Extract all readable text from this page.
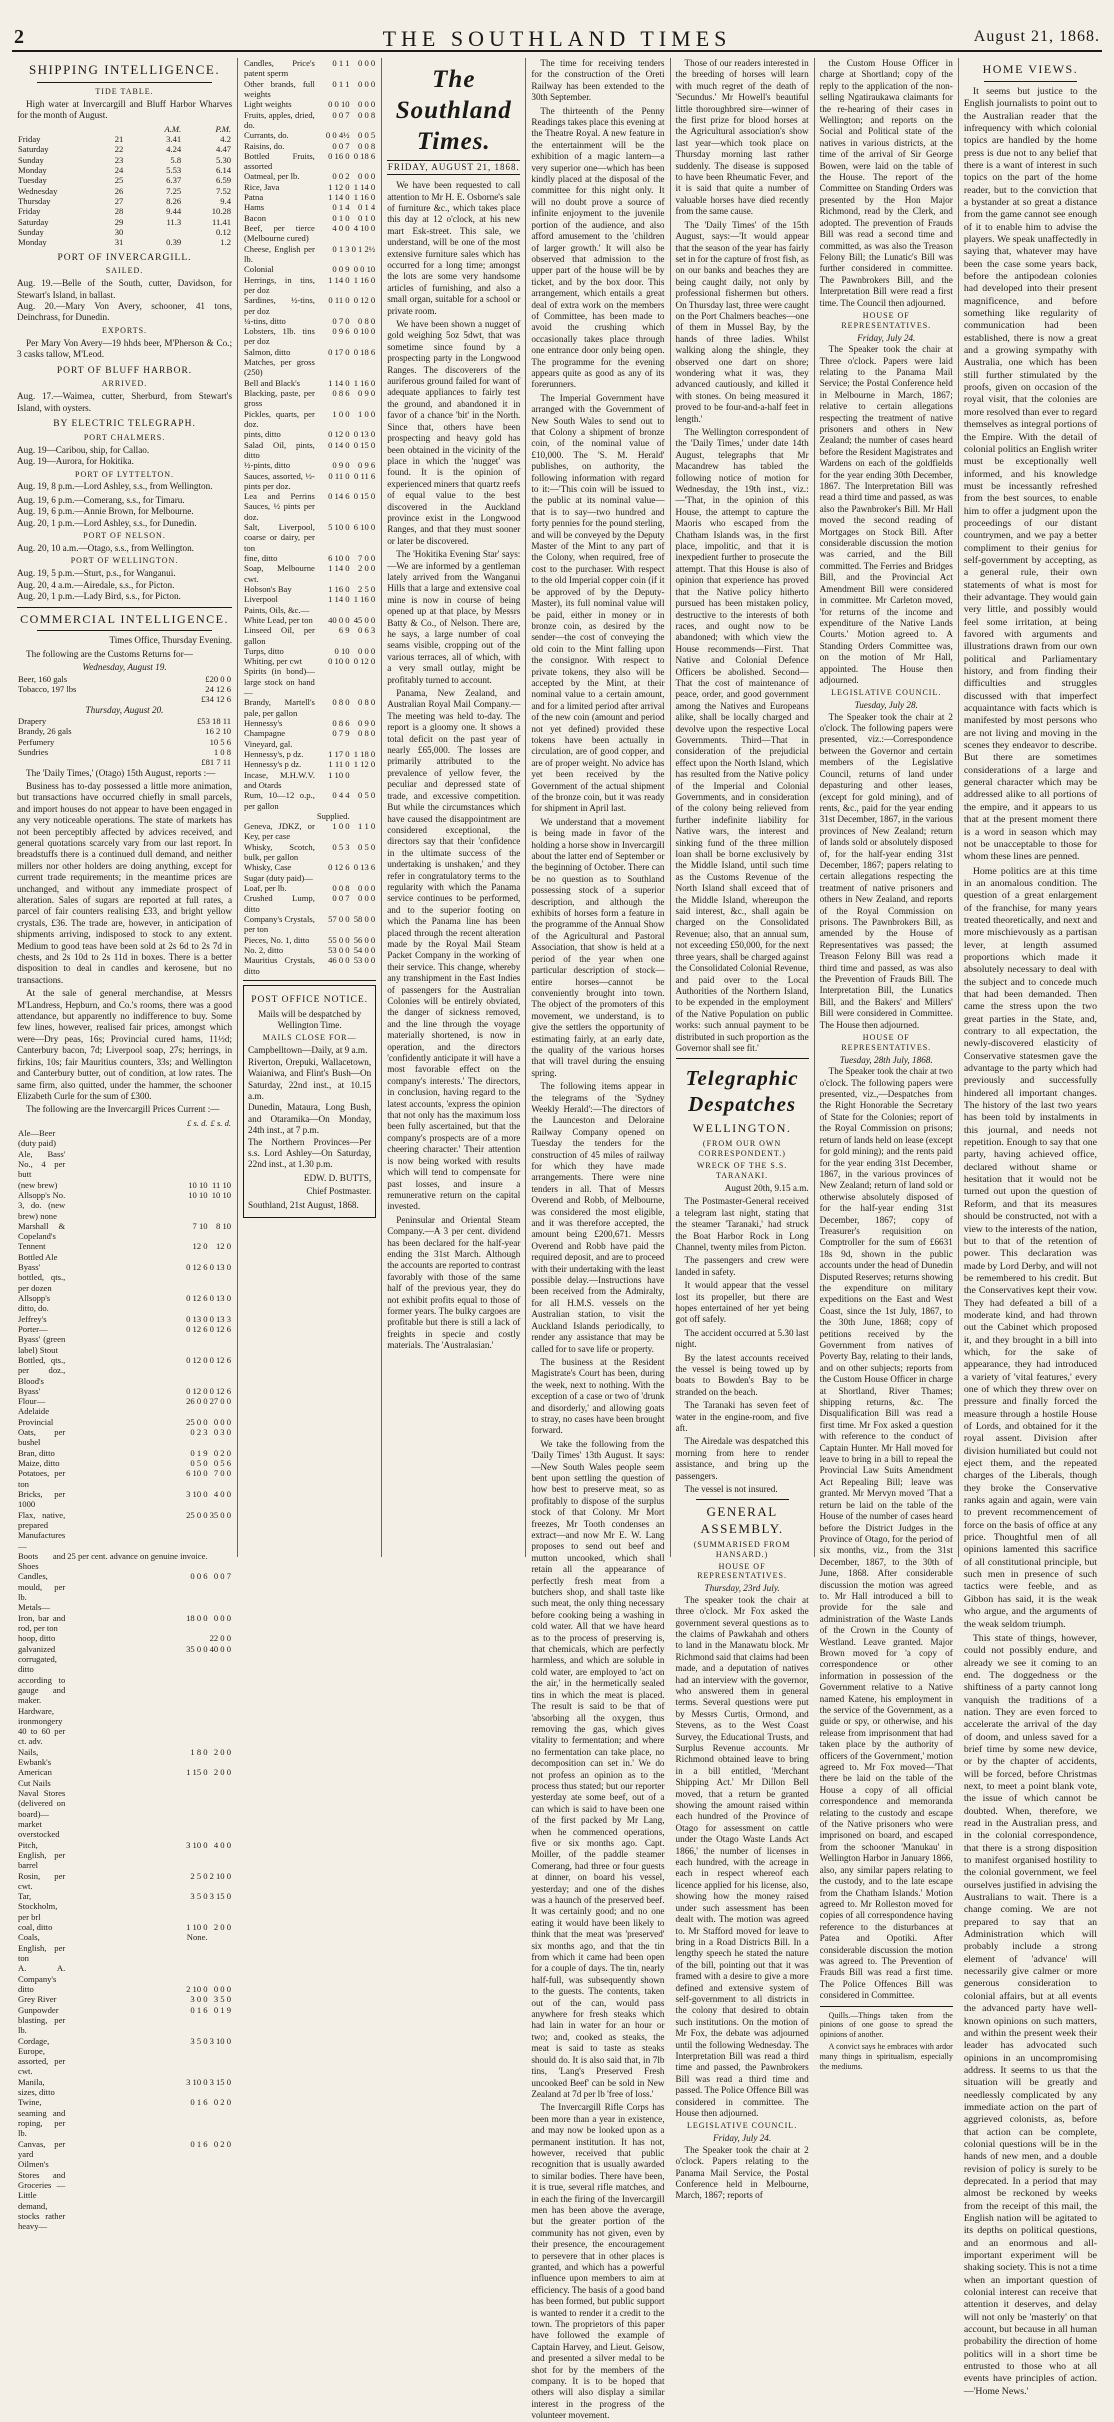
2	THE SOUTHLAND TIMES	August 21, 1868.
SHIPPING INTELLIGENCE.
TIDE TABLE.

High water at Invercargill and Bluff Harbor Wharves for the month of August.

		A.M.	P.M.
Friday	21	3.41	4.2
Saturday	22	4.24	4.47
Sunday	23	5.8	5.30
Monday	24	5.53	6.14
Tuesday	25	6.37	6.59
Wednesday	26	7.25	7.52
Thursday	27	8.26	9.4
Friday	28	9.44	10.28
Saturday	29	11.3	11.41
Sunday	30		0.12
Monday	31	0.39	1.2
PORT OF INVERCARGILL.
SAILED.

Aug. 19.—Belle of the South, cutter, Davidson, for Stewart's Island, in ballast.
Aug. 20.—Mary Von Avery, schooner, 41 tons, Deinchrass, for Dunedin.

EXPORTS.

Per Mary Von Avery—19 hhds beer, M'Pherson & Co.; 3 casks tallow, M'Leod.

PORT OF BLUFF HARBOR.
ARRIVED.

Aug. 17.—Waimea, cutter, Sherburd, from Stewart's Island, with oysters.

BY ELECTRIC TELEGRAPH.
PORT CHALMERS.

Aug. 19—Caribou, ship, for Callao.
Aug. 19—Aurora, for Hokitika.

PORT OF LYTTELTON.

Aug. 19, 8 p.m.—Lord Ashley, s.s., from Wellington.

Aug. 19, 6 p.m.—Comerang, s.s., for Timaru.
Aug. 19, 6 p.m.—Annie Brown, for Melbourne.
Aug. 20, 1 p.m.—Lord Ashley, s.s., for Dunedin.

PORT OF NELSON.

Aug. 20, 10 a.m.—Otago, s.s., from Wellington.

PORT OF WELLINGTON.

Aug. 19, 5 p.m.—Sturt, p.s., for Wanganui.
Aug. 20, 4 a.m.—Airedale, s.s., for Picton.
Aug. 20, 1 p.m.—Lady Bird, s.s., for Picton.

COMMERCIAL INTELLIGENCE.

Times Office, Thursday Evening.

The following are the Customs Returns for—

Wednesday, August 19.
Beer, 160 gals	£20 0 0
Tobacco, 197 lbs	24 12 6
	£34 12 6
Thursday, August 20.
Drapery	£53 18 11
Brandy, 26 gals	16 2 10
Perfumery	10 5 6
Sundries	1 0 8
	£81 7 11

The 'Daily Times,' (Otago) 15th August, reports :—

Business has to-day possessed a little more animation, but transactions have occurred chiefly in small parcels, and import houses do not appear to have been engaged in any very noticeable operations. The state of markets has not been perceptibly affected by advices received, and general quotations scarcely vary from our last report. In breadstuffs there is a continued dull demand, and neither millers nor other holders are doing anything, except for current trade requirements; in the meantime prices are unchanged, and without any immediate prospect of alteration. Sales of sugars are reported at full rates, a parcel of fair counters realising £33, and bright yellow crystals, £36. The trade are, however, in anticipation of shipments arriving, indisposed to stock to any extent. Medium to good teas have been sold at 2s 6d to 2s 7d in chests, and 2s 10d to 2s 11d in boxes. There is a better disposition to deal in candles and kerosene, but no transactions.

At the sale of general merchandise, at Messrs M'Landress, Hepburn, and Co.'s rooms, there was a good attendance, but apparently no indifference to buy. Some few lines, however, realised fair prices, amongst which were—Dry peas, 16s; Provincial cured hams, 11½d; Canterbury bacon, 7d; Liverpool soap, 27s; herrings, in firkins, 10s; fair Mauritius counters, 33s; and Wellington and Canterbury butter, out of condition, at low rates. The same firm, also quitted, under the hammer, the schooner Elizabeth Curle for the sum of £300.

The following are the Invercargill Prices Current :—

	£ s. d.	£ s. d.
Ale—Beer (duty paid)		
Ale, Bass' No., 4 per butt		
(new brew)	10 10	11 10
Allsopp's No. 3, do. (new brew) none	10 10	10 10
Marshall & Copeland's	7 10	8 10
Tennent Bottled Ale	12 0	12 0
Byass' bottled, qts., per dozen	0 12 6	0 13 0
Allsopp's ditto, do.	0 12 6	0 13 0
Jeffrey's	0 13 0	0 13 3
Porter—Byass' (green label) Stout	0 12 6	0 12 6
Bottled, qts., per doz., Blood's	0 12 0	0 12 6
Byass'	0 12 0	0 12 6
Flour—Adelaide	26 0 0	27 0 0
Provincial	25 0 0	0 0 0
Oats, per bushel	0 2 3	0 3 0
Bran, ditto	0 1 9	0 2 0
Maize, ditto	0 5 0	0 5 6
Potatoes, per ton	6 10 0	7 0 0
Bricks, per 1000	3 10 0	4 0 0
Flax, native, prepared	25 0 0	35 0 0
Manufactures—		
Boots and Shoes	25 per cent. advance on genuine invoice.	
Candles, mould, per lb.	0 0 6	0 0 7
Metals—		
Iron, bar and rod, per ton	18 0 0	0 0 0
hoop, ditto		22 0 0
galvanized corrugated, ditto	35 0 0	40 0 0
according to gauge and maker.		
Hardware, ironmongery 40 to 60 per ct. adv.		
Nails, Ewbank's	1 8 0	2 0 0
American Cut Nails	1 15 0	2 0 0
Naval Stores (delivered on board)—market overstocked		
Pitch, English, per barrel	3 10 0	4 0 0
Rosin, per cwt.	2 5 0	2 10 0
Tar, Stockholm, per brl	3 5 0	3 15 0
coal, ditto	1 10 0	2 0 0
Coals, English, per ton	None.	
A. A. Company's		
ditto	2 10 0	0 0 0
Grey River	3 0 0	3 5 0
Gunpowder blasting, per lb.	0 1 6	0 1 9
Cordage, Europe, assorted, per cwt.	3 5 0	3 10 0
Manila, sizes, ditto	3 10 0	3 15 0
Twine, seaming and roping, per lb.	0 1 6	0 2 0
Canvas, per yard	0 1 6	0 2 0
Oilmen's Stores and Groceries — Little demand, stocks rather heavy—		
Candles, Price's patent sperm	0 1 1	0 0 0
Other brands, full weights	0 1 1	0 0 0
Light weights	0 0 10	0 0 0
Fruits, apples, dried, do.	0 0 7	0 0 8
Currants, do.	0 0 4½	0 0 5
Raisins, do.	0 0 7	0 0 8
Bottled Fruits, assorted	0 16 0	0 18 6
Oatmeal, per lb.	0 0 2	0 0 0
Rice, Java	1 12 0	1 14 0
Patna	1 14 0	1 16 0
Hams	0 1 4	0 1 4
Bacon	0 1 0	0 1 0
Beef, per tierce (Melbourne cured)	4 0 0	4 10 0
Cheese, English per lb.	0 1 3	0 1 2½
Colonial	0 0 9	0 0 10
Herrings, in tins, per doz	1 14 0	1 16 0
Sardines, ½-tins, per doz	0 11 0	0 12 0
¼-tins, ditto	0 7 0	0 8 0
Lobsters, 1lb. tins per doz	0 9 6	0 10 0
Salmon, ditto	0 17 0	0 18 6
Matches, per gross (250)		
Bell and Black's	1 14 0	1 16 0
Blacking, paste, per gross	0 8 6	0 9 0
Pickles, quarts, per doz.	1 0 0	1 0 0
pints, ditto	0 12 0	0 13 0
Salad Oil, pints, ditto	0 14 0	0 15 0
½-pints, ditto	0 9 0	0 9 6
Sauces, assorted, ½-pints per doz.	0 11 0	0 11 6
Lea and Perrins Sauces, ½ pints per doz.	0 14 6	0 15 0
Salt, Liverpool, coarse or dairy, per ton	5 10 0	6 10 0
fine, ditto	6 10 0	7 0 0
Soap, Melbourne cwt.	1 14 0	2 0 0
Hobson's Bay	1 16 0	2 5 0
Liverpool	1 14 0	1 16 0
Paints, Oils, &c.—		
White Lead, per ton	40 0 0	45 0 0
Linseed Oil, per gallon	6 9	0 6 3
Turps, ditto	0 10	0 0 0
Whiting, per cwt	0 10 0	0 12 0
Spirits (in bond)—large stock on hand—		
Brandy, Martell's pale, per gallon	0 8 0	0 8 0
Hennessy's	0 8 6	0 9 0
Champagne Vineyard, gal.	0 7 9	0 8 0
Hennessy's, p dz.	1 17 0	1 18 0
Hennessy's p dz.	1 11 0	1 12 0
Incase, M.H.W.V. and Otards	1 10 0	
Rum, 10—12 o.p., per gallon	0 4 4	0 5 0
	Supplied.	
Geneva, JDKZ, or Key, per case	1 0 0	1 1 0
Whisky, Scotch, bulk, per gallon	0 5 3	0 5 0
Whisky, Case	0 12 6	0 13 6
Sugar (duty paid)—		
Loaf, per lb.	0 0 8	0 0 0
Crushed Lump, ditto	0 0 7	0 0 0
Company's Crystals, per ton	57 0 0	58 0 0
Pieces, No. 1, ditto	55 0 0	56 0 0
No. 2, ditto	53 0 0	54 0 0
Mauritius Crystals, ditto	46 0 0	53 0 0
POST OFFICE NOTICE.

Mails will be despatched by Wellington Time.

MAILS CLOSE FOR—

Campbelltown—Daily, at 9 a.m.
Riverton, Orepuki, Wallacetown, Waianiwa, and Flint's Bush—On Saturday, 22nd inst., at 10.15 a.m.
Dunedin, Mataura, Long Bush, and Otaramika—On Monday, 24th inst., at 7 p.m.
The Northern Provinces—Per s.s. Lord Ashley—On Saturday, 22nd inst., at 1.30 p.m.

EDW. D. BUTTS,

Chief Postmaster.

Southland, 21st August, 1868.

The Southland Times.
FRIDAY, AUGUST 21, 1868.

We have been requested to call attention to Mr H. E. Osborne's sale of furniture &c., which takes place this day at 12 o'clock, at his new mart Esk-street. This sale, we understand, will be one of the most extensive furniture sales which has occurred for a long time; amongst the lots are some very handsome articles of furnishing, and also a small organ, suitable for a school or private room.

We have been shown a nugget of gold weighing 5oz 5dwt, that was sometime since found by a prospecting party in the Longwood Ranges. The discoverers of the auriferous ground failed for want of adequate appliances to fairly test the ground, and abandoned it in favor of a chance 'bit' in the North. Since that, others have been prospecting and heavy gold has been obtained in the vicinity of the place in which the 'nugget' was found. It is the opinion of experienced miners that quartz reefs of equal value to the best discovered in the Auckland province exist in the Longwood Ranges, and that they must sooner or later be discovered.

The 'Hokitika Evening Star' says:—We are informed by a gentleman lately arrived from the Wanganui Hills that a large and extensive coal mine is now in course of being opened up at that place, by Messrs Batty & Co., of Nelson. There are, he says, a large number of coal seams visible, cropping out of the various terraces, all of which, with a very small outlay, might be profitably turned to account.

Panama, New Zealand, and Australian Royal Mail Company.—The meeting was held to-day. The report is a gloomy one. It shows a total deficit on the past year of nearly £65,000. The losses are primarily attributed to the prevalence of yellow fever, the peculiar and depressed state of trade, and excessive competition. But while the circumstances which have caused the disappointment are considered exceptional, the directors say that their 'confidence in the ultimate success of the undertaking is unshaken,' and they refer in congratulatory terms to the regularity with which the Panama service continues to be performed, and to the superior footing on which the Panama line has been placed through the recent alteration made by the Royal Mail Steam Packet Company in the working of their service. This change, whereby any transhipment in the East Indies of passengers for the Australian Colonies will be entirely obviated, the danger of sickness removed, and the line through the voyage materially shortened, is now in operation, and the directors 'confidently anticipate it will have a most favorable effect on the company's interests.' The directors, in conclusion, having regard to the latest accounts, 'express the opinion that not only has the maximum loss been fully ascertained, but that the company's prospects are of a more cheering character.' Their attention is now being worked with results which will tend to compensate for past losses, and insure a remunerative return on the capital invested.

Peninsular and Oriental Steam Company.—A 3 per cent. dividend has been declared for the half-year ending the 31st March. Although the accounts are reported to contrast favorably with those of the same half of the previous year, they do not exhibit profits equal to those of former years. The bulky cargoes are profitable but there is still a lack of freights in specie and costly materials. The 'Australasian.'

The time for receiving tenders for the construction of the Oreti Railway has been extended to the 30th September.

The thirteenth of the Penny Readings takes place this evening at the Theatre Royal. A new feature in the entertainment will be the exhibition of a magic lantern—a very superior one—which has been kindly placed at the disposal of the committee for this night only. It will no doubt prove a source of infinite enjoyment to the juvenile portion of the audience, and also afford amusement to the 'children of larger growth.' It will also be observed that admission to the upper part of the house will be by ticket, and by the box door. This arrangement, which entails a great deal of extra work on the members of Committee, has been made to avoid the crushing which occasionally takes place through one entrance door only being open. The programme for the evening appears quite as good as any of its forerunners.

The Imperial Government have arranged with the Government of New South Wales to send out to that Colony a shipment of bronze coin, of the nominal value of £10,000. The 'S. M. Herald' publishes, on authority, the following information with regard to it:—'This coin will be issued to the public at its nominal value—that is to say—two hundred and forty pennies for the pound sterling, and will be conveyed by the Deputy Master of the Mint to any part of the Colony, when required, free of cost to the purchaser. With respect to the old Imperial copper coin (if it be approved of by the Deputy-Master), its full nominal value will be paid, either in money or in bronze coin, as desired by the sender—the cost of conveying the old coin to the Mint falling upon the consignor. With respect to private tokens, they also will be accepted by the Mint, at their nominal value to a certain amount, and for a limited period after arrival of the new coin (amount and period not yet defined) provided these tokens have been actually in circulation, are of good copper, and are of proper weight. No advice has yet been received by the Government of the actual shipment of the bronze coin, but it was ready for shipment in April last.

We understand that a movement is being made in favor of the holding a horse show in Invercargill about the latter end of September or the beginning of October. There can be no question as to Southland possessing stock of a superior description, and although the exhibits of horses form a feature in the programme of the Annual Show of the Agricultural and Pastoral Association, that show is held at a period of the year when one particular description of stock—entire horses—cannot be conveniently brought into town. The object of the promoters of this movement, we understand, is to give the settlers the opportunity of estimating fairly, at an early date, the quality of the various horses that will travel during the ensuing spring.

The following items appear in the telegrams of the 'Sydney Weekly Herald':—The directors of the Launceston and Deloraine Railway Company opened on Tuesday the tenders for the construction of 45 miles of railway for which they have made arrangements. There were nine tenders in all. That of Messrs Overend and Robb, of Melbourne, was considered the most eligible, and it was therefore accepted, the amount being £200,671. Messrs Overend and Robb have paid the required deposit, and are to proceed with their undertaking with the least possible delay.—Instructions have been received from the Admiralty, for all H.M.S. vessels on the Australian station, to visit the Auckland Islands periodically, to render any assistance that may be called for to save life or property.

The business at the Resident Magistrate's Court has been, during the week, next to nothing. With the exception of a case or two of 'drunk and disorderly,' and allowing goats to stray, no cases have been brought forward.

We take the following from the 'Daily Times' 13th August. It says:—New South Wales people seem bent upon settling the question of how best to preserve meat, so as profitably to dispose of the surplus stock of that Colony. Mr Mort freezes, Mr Tooth condenses an extract—and now Mr E. W. Lang proposes to send out beef and mutton uncooked, which shall retain all the appearance of perfectly fresh meat from a butchers shop, and shall taste like such meat, the only thing necessary before cooking being a washing in cold water. All that we have heard as to the process of preserving is, that chemicals, which are perfectly harmless, and which are soluble in cold water, are employed to 'act on the air,' in the hermetically sealed tins in which the meat is placed. The result is said to be that of 'absorbing all the oxygen, thus removing the gas, which gives vitality to fermentation; and where no fermentation can take place, no decomposition can set in.' We do not profess an opinion as to the process thus stated; but our reporter yesterday ate some beef, out of a can which is said to have been one of the first packed by Mr Lang, when he commenced operations, five or six months ago. Capt. Moiller, of the paddle steamer Comerang, had three or four guests at dinner, on board his vessel, yesterday; and one of the dishes was a haunch of the preserved beef. It was certainly good; and no one eating it would have been likely to think that the meat was 'preserved' six months ago, and that the tin from which it came had been open for a couple of days. The tin, nearly half-full, was subsequently shown to the guests. The contents, taken out of the can, would pass anywhere for fresh steaks which had lain in water for an hour or two; and, cooked as steaks, the meat is said to taste as steaks should do. It is also said that, in 7lb tins, 'Lang's Preserved Fresh uncooked Beef' can be sold in New Zealand at 7d per lb 'free of loss.'

The Invercargill Rifle Corps has been more than a year in existence, and may now be looked upon as a permanent institution. It has not, however, received that public recognition that is usually awarded to similar bodies. There have been, it is true, several rifle matches, and in each the firing of the Invercargill men has been above the average, but the greater portion of the community has not given, even by their presence, the encouragement to persevere that in other places is granted, and which has a powerful influence upon members to aim at efficiency. The basis of a good band has been formed, but public support is wanted to render it a credit to the town. The proprietors of this paper have followed the example of Captain Harvey, and Lieut. Geisow, and presented a silver medal to be shot for by the members of the company. It is to be hoped that others will also display a similar interest in the progress of the volunteer movement.

Those of our readers interested in the breeding of horses will learn with much regret of the death of 'Secundus.' Mr Howell's beautiful little thoroughbred sire—winner of the first prize for blood horses at the Agricultural association's show last year—which took place on Thursday morning last rather suddenly. The disease is supposed to have been Rheumatic Fever, and it is said that quite a number of valuable horses have died recently from the same cause.

The 'Daily Times' of the 15th August, says:—'It would appear that the season of the year has fairly set in for the capture of frost fish, as on our banks and beaches they are being caught daily, not only by professional fishermen but others. On Thursday last, three were caught on the Port Chalmers beaches—one of them in Mussel Bay, by the hands of three ladies. Whilst walking along the shingle, they observed one dart on shore; wondering what it was, they advanced cautiously, and killed it with stones. On being measured it proved to be four-and-a-half feet in length.'

The Wellington correspondent of the 'Daily Times,' under date 14th August, telegraphs that Mr Macandrew has tabled the following notice of motion for Wednesday, the 19th inst., viz.:—'That, in the opinion of this House, the attempt to capture the Maoris who escaped from the Chatham Islands was, in the first place, impolitic, and that it is inexpedient further to prosecute the attempt. That this House is also of opinion that experience has proved that the Native policy hitherto pursued has been mistaken policy, destructive to the interests of both races, and ought now to be abandoned; with which view the House recommends—First. That Native and Colonial Defence Officers be abolished. Second—That the cost of maintenance of peace, order, and good government among the Natives and Europeans alike, shall be locally charged and devolve upon the respective Local Governments. Third—That in consideration of the prejudicial effect upon the North Island, which has resulted from the Native policy of the Imperial and Colonial Governments, and in consideration of the colony being relieved from further indefinite liability for Native wars, the interest and sinking fund of the three million loan shall be borne exclusively by the Middle Island, until such time as the Customs Revenue of the North Island shall exceed that of the Middle Island, whereupon the said interest, &c., shall again be charged on the Consolidated Revenue; also, that an annual sum, not exceeding £50,000, for the next three years, shall be charged against the Consolidated Colonial Revenue, and paid over to the Local Authorities of the Northern Island, to be expended in the employment of the Native Population on public works: such annual payment to be distributed in such proportion as the Governor shall see fit.'

Telegraphic Despatches
WELLINGTON.
(FROM OUR OWN CORRESPONDENT.)
WRECK OF THE S.S. TARANAKI.

August 20th, 9.15 a.m.

The Postmaster-General received a telegram last night, stating that the steamer 'Taranaki,' had struck the Boat Harbor Rock in Long Channel, twenty miles from Picton.

The passengers and crew were landed in safety.

It would appear that the vessel lost its propeller, but there are hopes entertained of her yet being got off safely.

The accident occurred at 5.30 last night.

By the latest accounts received the vessel is being towed up by boats to Bowden's Bay to be stranded on the beach.

The Taranaki has seven feet of water in the engine-room, and five aft.

The Airedale was despatched this morning from here to render assistance, and bring up the passengers.

The vessel is not insured.

GENERAL ASSEMBLY.
(SUMMARISED FROM HANSARD.)
HOUSE OF REPRESENTATIVES.
Thursday, 23rd July.

The speaker took the chair at three o'clock. Mr Fox asked the government several questions as to the claims of Pawkahah and others to land in the Manawatu block. Mr Richmond said that claims had been made, and a deputation of natives had an interview with the governor, who answered them in general terms. Several questions were put by Messrs Curtis, Ormond, and Stevens, as to the West Coast Survey, the Educational Trusts, and Surplus Revenue accounts. Mr Richmond obtained leave to bring in a bill entitled, 'Merchant Shipping Act.' Mr Dillon Bell moved, that a return be granted showing the amount raised within each hundred of the Province of Otago for assessment on cattle under the Otago Waste Lands Act 1866,' the number of licenses in each hundred, with the acreage in each in respect whereof each licence applied for his license, also, showing how the money raised under such assessment has been dealt with. The motion was agreed to. Mr Stafford moved for leave to bring in a Road Districts Bill. In a lengthy speech he stated the nature of the bill, pointing out that it was framed with a desire to give a more defined and extensive system of self-government to all districts in the colony that desired to obtain such institutions. On the motion of Mr Fox, the debate was adjourned until the following Wednesday. The Interpretation Bill was read a third time and passed, the Pawnbrokers Bill was read a third time and passed. The Police Offence Bill was considered in committee. The House then adjourned.

LEGISLATIVE COUNCIL.
Friday, July 24.

The Speaker took the chair at 2 o'clock. Papers relating to the Panama Mail Service, the Postal Conference held in Melbourne, March, 1867; reports of

the Custom House Officer in charge at Shortland; copy of the reply to the application of the non-selling Ngatiraukawa claimants for the re-hearing of their cases in Wellington; and reports on the Social and Political state of the natives in various districts, at the time of the arrival of Sir George Bowen, were laid on the table of the House. The report of the Committee on Standing Orders was presented by the Hon Major Richmond, read by the Clerk, and adopted. The prevention of Frauds Bill was read a second time and committed, as was also the Treason Felony Bill; the Lunatic's Bill was further considered in committee. The Pawnbrokers Bill, and the Interpretation Bill were read a first time. The Council then adjourned.

HOUSE OF REPRESENTATIVES.
Friday, July 24.

The Speaker took the chair at Three o'clock. Papers were laid relating to the Panama Mail Service; the Postal Conference held in Melbourne in March, 1867; relative to certain allegations respecting the treatment of native prisoners and others in New Zealand; the number of cases heard before the Resident Magistrates and Wardens on each of the goldfields for the year ending 30th December, 1867. The Interpretation Bill was read a third time and passed, as was also the Pawnbroker's Bill. Mr Hall moved the second reading of Mortgages on Stock Bill. After considerable discussion the motion was carried, and the Bill committed. The Ferries and Bridges Bill, and the Provincial Act Amendment Bill were considered in committee. Mr Carleton moved, 'for returns of the income and expenditure of the Native Lands Courts.' Motion agreed to. A Standing Orders Committee was, on the motion of Mr Hall, appointed. The House then adjourned.

LEGISLATIVE COUNCIL.
Tuesday, July 28.

The Speaker took the chair at 2 o'clock. The following papers were presented, viz.:—Correspondence between the Governor and certain members of the Legislative Council, returns of land under depasturing and other leases, (except for gold mining), and of rents, &c., paid for the year ending 31st December, 1867, in the various provinces of New Zealand; return of lands sold or absolutely disposed of, for the half-year ending 31st December, 1867; papers relating to certain allegations respecting the treatment of native prisoners and others in New Zealand, and reports of the Royal Commission on prisons. The Pawnbrokers Bill, as amended by the House of Representatives was passed; the Treason Felony Bill was read a third time and passed, as was also the Prevention of Frauds Bill. The Interpretation Bill, the Lunatics Bill, and the Bakers' and Millers' Bill were considered in Committee. The House then adjourned.

HOUSE OF REPRESENTATIVES.
Tuesday, 28th July, 1868.

The Speaker took the chair at two o'clock. The following papers were presented, viz.,—Despatches from the Right Honorable the Secretary of State for the Colonies; report of the Royal Commission on prisons; return of lands held on lease (except for gold mining); and the rents paid for the year ending 31st December, 1867, in the various provinces of New Zealand; return of land sold or otherwise absolutely disposed of for the half-year ending 31st December, 1867; copy of Treasurer's requisition on Comptroller for the sum of £6631 18s 9d, shown in the public accounts under the head of Dunedin Disputed Reserves; returns showing the expenditure on military expeditions on the East and West Coast, since the 1st July, 1867, to the 30th June, 1868; copy of petitions received by the Government from natives of Poverty Bay, relating to their lands, and on other subjects; reports from the Custom House Officer in charge at Shortland, River Thames; shipping returns, &c. The Disqualification Bill was read a first time. Mr Fox asked a question with reference to the conduct of Captain Hunter. Mr Hall moved for leave to bring in a bill to repeal the Provincial Law Suits Amendment Act Repealing Bill; leave was granted. Mr Mervyn moved 'That a return be laid on the table of the House of the number of cases heard before the District Judges in the Province of Otago, for the period of six months, viz., from the 31st December, 1867, to the 30th of June, 1868. After considerable discussion the motion was agreed to. Mr Hall introduced a bill to provide for the sale and administration of the Waste Lands of the Crown in the County of Westland. Leave granted. Major Brown moved for 'a copy of correspondence or other information in possession of the Government relative to a Native named Katene, his employment in the service of the Government, as a guide or spy, or otherwise, and his release from imprisonment that had taken place by the authority of officers of the Government,' motion agreed to. Mr Fox moved—'That there be laid on the table of the House a copy of all official correspondence and memoranda relating to the custody and escape of the Native prisoners who were imprisoned on board, and escaped from the schooner 'Manukau' in Wellington Harbor in January 1866, also, any similar papers relating to the custody, and to the late escape from the Chatham Islands.' Motion agreed to. Mr Rolleston moved for copies of all correspondence having reference to the disturbances at Patea and Opotiki. After considerable discussion the motion was agreed to. The Prevention of Frauds Bill was read a first time. The Police Offences Bill was considered in Committee.

Quills.—Things taken from the pinions of one goose to spread the opinions of another.

A convict says he embraces with ardor many things in spiritualism, especially the mediums.

HOME VIEWS.

It seems but justice to the English journalists to point out to the Australian reader that the infrequency with which colonial topics are handled by the home press is due not to any belief that there is a want of interest in such topics on the part of the home reader, but to the conviction that a bystander at so great a distance from the game cannot see enough of it to enable him to advise the players. We speak unaffectedly in saying that, whatever may have been the case some years back, before the antipodean colonies had developed into their present magnificence, and before something like regularity of communication had been established, there is now a great and a growing sympathy with Australia, one which has been still further stimulated by the proofs, given on occasion of the royal visit, that the colonies are more resolved than ever to regard themselves as integral portions of the Empire. With the detail of colonial politics an English writer must be exceptionally well informed, and his knowledge must be incessantly refreshed from the best sources, to enable him to offer a judgment upon the proceedings of our distant countrymen, and we pay a better compliment to their genius for self-government by accepting, as a general rule, their own statements of what is most for their advantage. They would gain very little, and possibly would feel some irritation, at being favored with arguments and illustrations drawn from our own political and Parliamentary history, and from finding their difficulties and struggles discussed with that imperfect acquaintance with facts which is manifested by most persons who are not living and moving in the scenes they endeavor to describe. But there are sometimes considerations of a large and general character which may be addressed alike to all portions of the empire, and it appears to us that at the present moment there is a word in season which may not be unacceptable to those for whom these lines are penned.

Home politics are at this time in an anomalous condition. The question of a great enlargement of the franchise, for many years treated theoretically, and next and more mischievously as a partisan lever, at length assumed proportions which made it absolutely necessary to deal with the subject and to concede much that had been demanded. Then came the stress upon the two great parties in the State, and, contrary to all expectation, the newly-discovered elasticity of Conservative statesmen gave the advantage to the party which had previously and successfully hindered all important changes. The history of the last two years has been told by instalments in this journal, and needs not repetition. Enough to say that one party, having achieved office, declared without shame or hesitation that it would not be turned out upon the question of Reform, and that its measures should be constructed, not with a view to the interests of the nation, but to that of the retention of power. This declaration was made by Lord Derby, and will not be remembered to his credit. But the Conservatives kept their vow. They had defeated a bill of a moderate kind, and had thrown out the Cabinet which proposed it, and they brought in a bill into which, for the sake of appearance, they had introduced a variety of 'vital features,' every one of which they threw over on pressure and finally forced the measure through a hostile House of Lords, and obtained for it the royal assent. Division after division humiliated but could not eject them, and the repeated charges of the Liberals, though they broke the Conservative ranks again and again, were vain to prevent recommencement of force on the basis of office at any price. Thoughtful men of all opinions lamented this sacrifice of all constitutional principle, but such men in presence of such tactics were feeble, and as Gibbon has said, it is the weak who argue, and the arguments of the weak seldom triumph.

This state of things, however, could not possibly endure, and already we see it coming to an end. The doggedness or the shiftiness of a party cannot long vanquish the traditions of a nation. They are even forced to accelerate the arrival of the day of doom, and unless saved for a brief time by some new device, or by the chapter of accidents, will be forced, before Christmas next, to meet a point blank vote, the issue of which cannot be doubted. When, therefore, we read in the Australian press, and in the colonial correspondence, that there is a strong disposition to manifest organised hostility to the colonial government, we feel ourselves justified in advising the Australians to wait. There is a change coming. We are not prepared to say that an Administration which will probably include a strong element of 'advance' will necessarily give calmer or more generous consideration to colonial affairs, but at all events the advanced party have well-known opinions on such matters, and within the present week their leader has advocated such opinions in an uncompromising address. It seems to us that the situation will be greatly and needlessly complicated by any immediate action on the part of aggrieved colonists, as, before that action can be complete, colonial questions will be in the hands of new men, and a double revision of policy is surely to be deprecated. In a period that may almost be reckoned by weeks from the receipt of this mail, the English nation will be agitated to its depths on political questions, and an enormous and all-important experiment will be shaking society. This is not a time when an important question of colonial interest can receive that attention it deserves, and delay will not only be 'masterly' on that account, but because in all human probability the direction of home politics will in a short time be entrusted to those who at all events have principles of action.—'Home News.'
